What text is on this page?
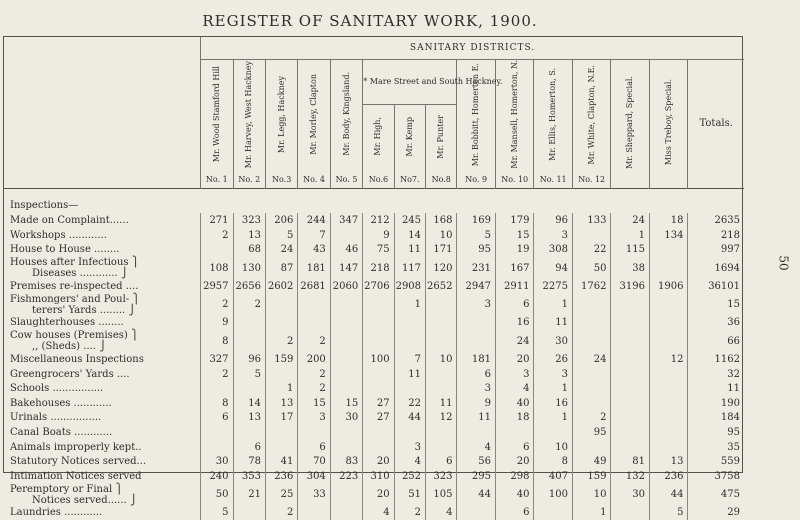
REGISTER OF SANITARY WORK, 1900.
50
	SANITARY DISTRICTS.														
	Mr. Wood Stamford Hill	Mr. Harvey, West Hackney	Mr. Legg, Hackney	Mr. Morley, Clapton	Mr. Body, Kingsland.	* Mare Street and South Hackney.			Mr. Bobbitt, Homerton E.	Mr. Mansell, Homerton, N.	Mr. Ellis, Homerton, S.	Mr. White, Clapton, N.E.	Mr. Sheppard, Special.	Miss Treboy, Special.	Totals.
						Mr. High,	Mr. Kemp	Mr. Punter							
	No. 1	No. 2	No.3	No. 4	No. 5	No.6	No7.	No.8	No. 9	No. 10	No. 11	No. 12			

Inspections—															

Made on Complaint......	271	323	206	244	347	212	245	168	169	179	96	133	24	18	2635

Workshops ............	2	13	5	7		9	14	10	5	15	3		1	134	218

House to House ........		68	24	43	46	75	11	171	95	19	308	22	115		997

Houses after Infectious ⎫
Diseases ............ ⎭	108	130	87	181	147	218	117	120	231	167	94	50	38		1694

Premises re-inspected ....	2957	2656	2602	2681	2060	2706	2908	2652	2947	2911	2275	1762	3196	1906	36101

Fishmongers' and Poul- ⎫
terers' Yards ........ ⎭	2	2					1		3	6	1				15

Slaughterhouses ........	9									16	11				36

Cow houses (Premises) ⎫
,, (Sheds) .... ⎭	8		2	2						24	30				66

Miscellaneous Inspections	327	96	159	200		100	7	10	181	20	26	24		12	1162

Greengrocers' Yards ....	2	5		2			11		6	3	3				32

Schools ................			1	2					3	4	1				11

Bakehouses ............	8	14	13	15	15	27	22	11	9	40	16				190

Urinals ................	6	13	17	3	30	27	44	12	11	18	1	2			184

Canal Boats ............												95			95

Animals improperly kept..		6		6			3		4	6	10				35

Statutory Notices served...	30	78	41	70	83	20	4	6	56	20	8	49	81	13	559

Intimation Notices served	240	353	236	304	223	310	252	323	295	298	407	159	132	236	3758

Peremptory or Final ⎫
Notices served...... ⎭	50	21	25	33		20	51	105	44	40	100	10	30	44	475

Laundries ............	5		2			4	2	4		6		1		5	29
